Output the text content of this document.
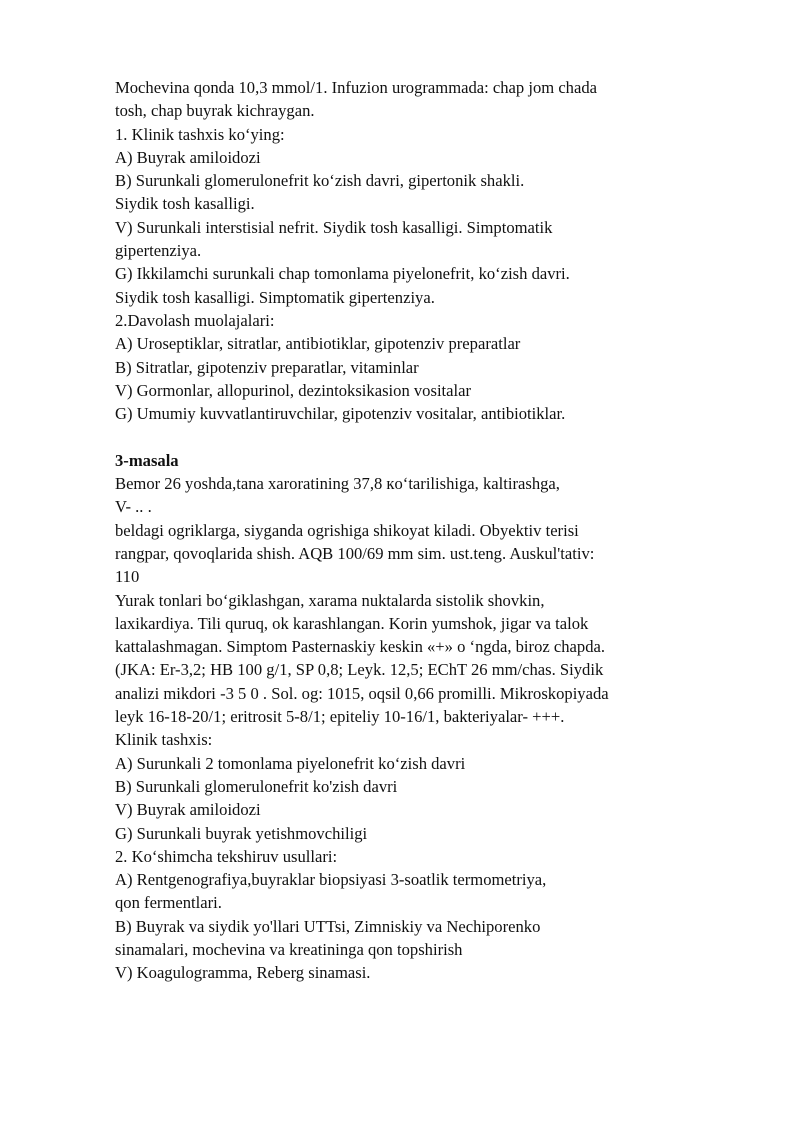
Mochevina qonda 10,3 mmol/1. Infuzion urogrammada: chap jom chada
tosh, chap buyrak kichraygan.
1. Klinik tashxis ko‘ying:
A) Buyrak amiloidozi
B) Surunkali glomerulonefrit ko‘zish davri, gipertonik shakli.
Siydik tosh kasalligi.
V) Surunkali interstisial nefrit. Siydik tosh kasalligi. Simptomatik
gipertenziya.
G) Ikkilamchi surunkali chap tomonlama piyelonefrit, ko‘zish davri.
Siydik tosh kasalligi. Simptomatik gipertenziya.
2.Davolash muolajalari:
A) Uroseptiklar, sitratlar, antibiotiklar, gipotenziv preparatlar
B) Sitratlar, gipotenziv preparatlar, vitaminlar
V) Gormonlar, allopurinol, dezintoksikasion vositalar
G) Umumiy kuvvatlantiruvchilar, gipotenziv vositalar, antibiotiklar.
3-masala
Bemor 26 yoshda,tana xaroratining 37,8 кo‘tarilishiga, kaltirashga,
V- .. .
beldagi ogriklarga, siyganda ogrishiga shikoyat kiladi. Obyektiv terisi
rangpar, qovoqlarida shish. AQB 100/69 mm sim. ust.teng. Auskul'tativ:
110
Yurak tonlari bo‘giklashgan, xarama nuktalarda sistolik shovkin,
laxikardiya. Tili quruq, ok karashlangan. Korin yumshok, jigar va talok
kattalashmagan. Simptom Pasternaskiy keskin «+» o ‘ngda, biroz chapda.
(JKA: Er-3,2; HB 100 g/1, SP 0,8; Leyk. 12,5; EChT 26 mm/chas. Siydik
analizi mikdori -3 5 0 . Sol. og: 1015, oqsil 0,66 promilli. Mikroskopiyada
leyk 16-18-20/1; eritrosit 5-8/1; epiteliy 10-16/1, bakteriyalar- +++.
Klinik tashxis:
A) Surunkali 2 tomonlama piyelonefrit ko‘zish davri
B) Surunkali glomerulonefrit ko'zish davri
V) Buyrak amiloidozi
G) Surunkali buyrak yetishmovchiligi
2. Ko‘shimcha tekshiruv usullari:
A) Rentgenografiya,buyraklar biopsiyasi 3-soatlik termometriya,
qon fermentlari.
B) Buyrak va siydik yo'llari UTTsi, Zimniskiy va Nechiporenko
sinamalari, mochevina va kreatininga qon topshirish
V) Koagulogramma, Reberg sinamasi.
